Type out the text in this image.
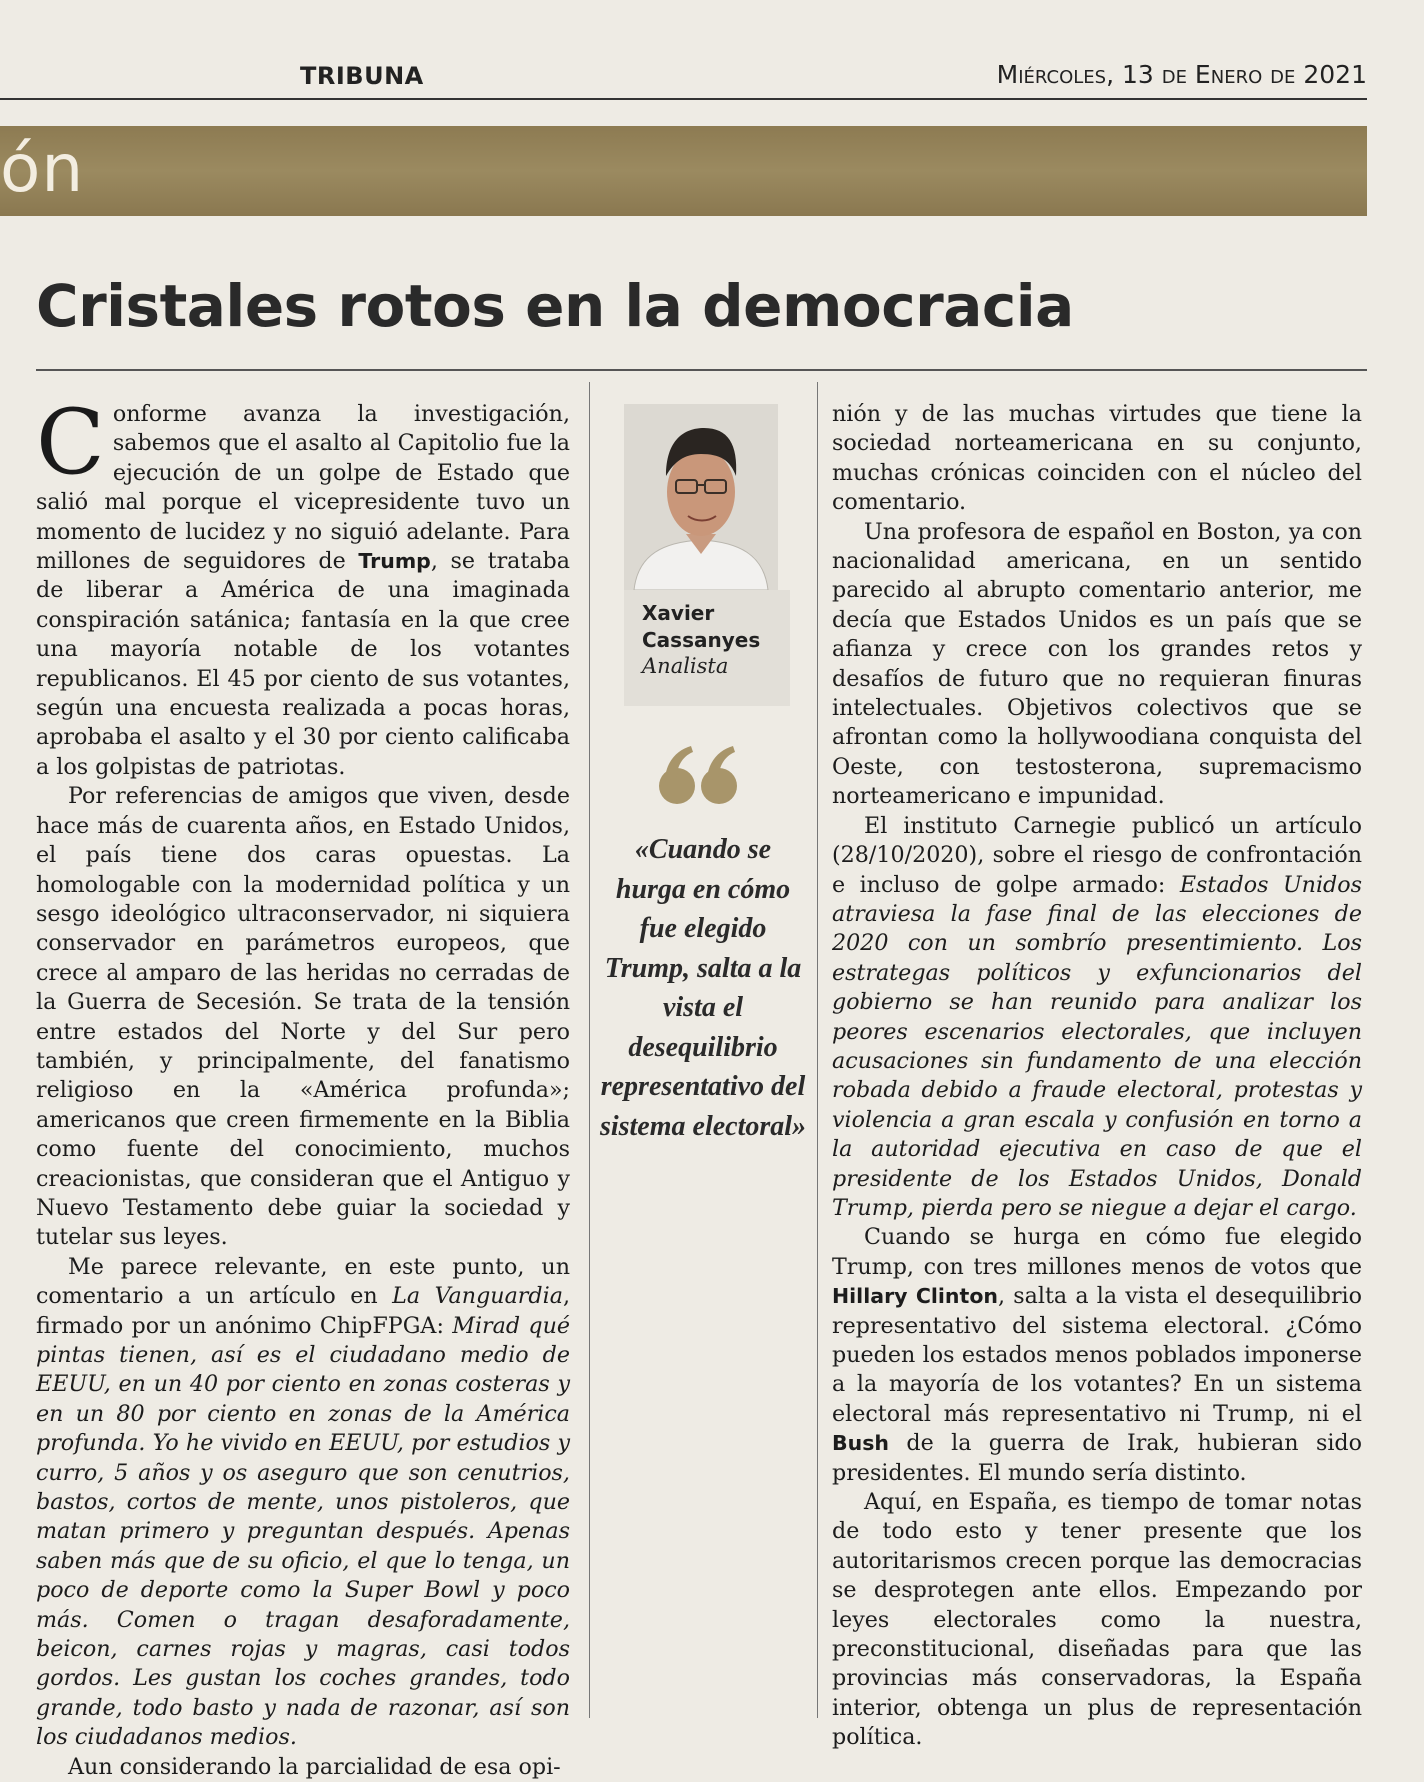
TRIBUNA	Miércoles, 13 de Enero de 2021
ón
Cristales rotos en la democracia

Conforme avanza la investigación, sabemos que el asalto al Capitolio fue la ejecución de un golpe de Estado que salió mal porque el vicepresidente tuvo un momento de lucidez y no siguió adelante. Para millones de seguidores de Trump, se trataba de liberar a América de una imaginada conspiración satánica; fantasía en la que cree una mayoría notable de los votantes republicanos. El 45 por ciento de sus votantes, según una encuesta realizada a pocas horas, aprobaba el asalto y el 30 por ciento calificaba a los golpistas de patriotas.

Por referencias de amigos que viven, desde hace más de cuarenta años, en Estado Unidos, el país tiene dos caras opuestas. La homologable con la modernidad política y un sesgo ideológico ultraconservador, ni siquiera conservador en parámetros europeos, que crece al amparo de las heridas no cerradas de la Guerra de Secesión. Se trata de la tensión entre estados del Norte y del Sur pero también, y principalmente, del fanatismo religioso en la «América profunda»; americanos que creen firmemente en la Biblia como fuente del conocimiento, muchos creacionistas, que consideran que el Antiguo y Nuevo Testamento debe guiar la sociedad y tutelar sus leyes.

Me parece relevante, en este punto, un comentario a un artículo en La Vanguardia, firmado por un anónimo ChipFPGA: Mirad qué pintas tienen, así es el ciudadano medio de EEUU, en un 40 por ciento en zonas costeras y en un 80 por ciento en zonas de la América profunda. Yo he vivido en EEUU, por estudios y curro, 5 años y os aseguro que son cenutrios, bastos, cortos de mente, unos pistoleros, que matan primero y preguntan después. Apenas saben más que de su oficio, el que lo tenga, un poco de deporte como la Super Bowl y poco más. Comen o tragan desaforadamente, beicon, carnes rojas y magras, casi todos gordos. Les gustan los coches grandes, todo grande, todo basto y nada de razonar, así son los ciudadanos medios.

Aun considerando la parcialidad de esa opi-

Xavier Cassanyes
Analista

«Cuando se hurga en cómo fue elegido Trump, salta a la vista el desequilibrio representativo del sistema electoral»

nión y de las muchas virtudes que tiene la sociedad norteamericana en su conjunto, muchas crónicas coinciden con el núcleo del comentario.

Una profesora de español en Boston, ya con nacionalidad americana, en un sentido parecido al abrupto comentario anterior, me decía que Estados Unidos es un país que se afianza y crece con los grandes retos y desafíos de futuro que no requieran finuras intelectuales. Objetivos colectivos que se afrontan como la hollywoodiana conquista del Oeste, con testosterona, supremacismo norteamericano e impunidad.

El instituto Carnegie publicó un artículo (28/10/2020), sobre el riesgo de confrontación e incluso de golpe armado: Estados Unidos atraviesa la fase final de las elecciones de 2020 con un sombrío presentimiento. Los estrategas políticos y exfuncionarios del gobierno se han reunido para analizar los peores escenarios electorales, que incluyen acusaciones sin fundamento de una elección robada debido a fraude electoral, protestas y violencia a gran escala y confusión en torno a la autoridad ejecutiva en caso de que el presidente de los Estados Unidos, Donald Trump, pierda pero se niegue a dejar el cargo.

Cuando se hurga en cómo fue elegido Trump, con tres millones menos de votos que Hillary Clinton, salta a la vista el desequilibrio representativo del sistema electoral. ¿Cómo pueden los estados menos poblados imponerse a la mayoría de los votantes? En un sistema electoral más representativo ni Trump, ni el Bush de la guerra de Irak, hubieran sido presidentes. El mundo sería distinto.

Aquí, en España, es tiempo de tomar notas de todo esto y tener presente que los autoritarismos crecen porque las democracias se desprotegen ante ellos. Empezando por leyes electorales como la nuestra, preconstitucional, diseñadas para que las provincias más conservadoras, la España interior, obtenga un plus de representación política.
